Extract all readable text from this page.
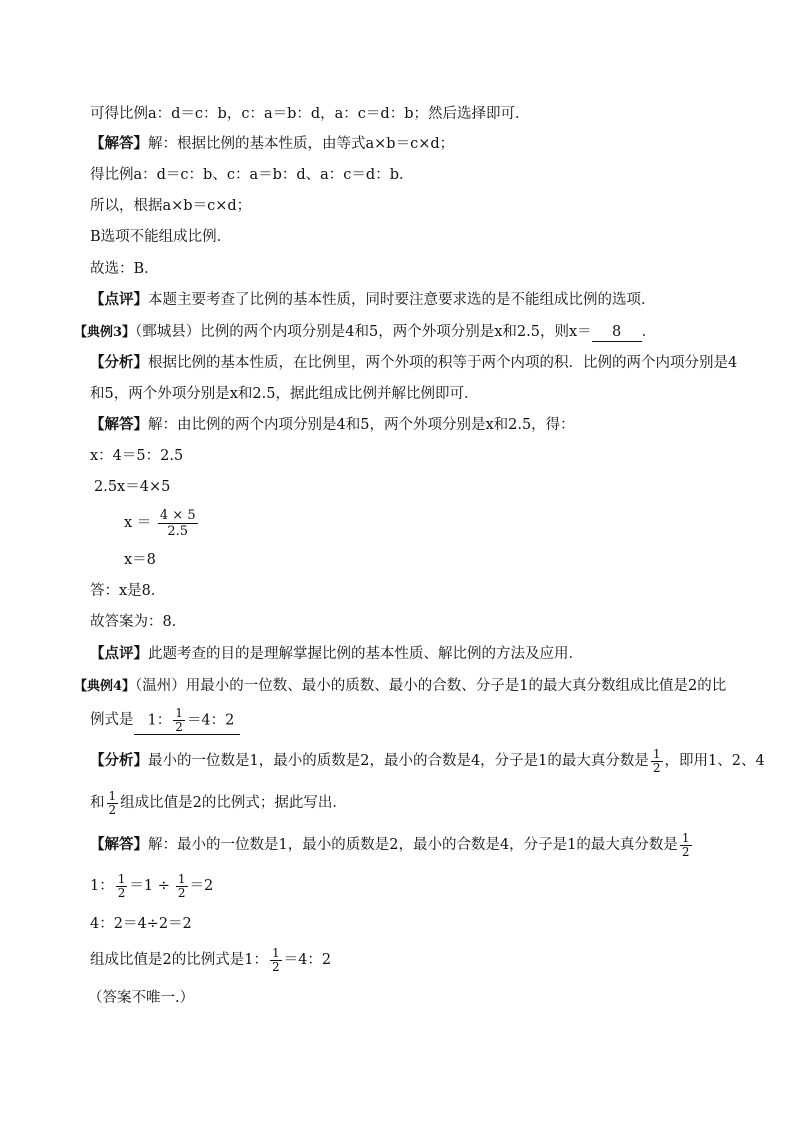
可得比例a：d＝c：b，c：a＝b：d，a：c＝d：b；然后选择即可．
【解答】解：根据比例的基本性质，由等式a×b＝c×d；
得比例a：d＝c：b、c：a＝b：d、a：c＝d：b．
所以，根据a×b＝c×d；
B选项不能组成比例．
故选：B．
【点评】本题主要考查了比例的基本性质，同时要注意要求选的是不能组成比例的选项．
【典例3】（鄄城县）比例的两个内项分别是4和5，两个外项分别是x和2.5，则x＝ 8 ．
【分析】根据比例的基本性质，在比例里，两个外项的积等于两个内项的积．比例的两个内项分别是4
和5，两个外项分别是x和2.5，据此组成比例并解比例即可．
【解答】解：由比例的两个内项分别是4和5，两个外项分别是x和2.5，得：
x：4＝5：2.5
2.5x＝4×5
$x = \frac{4 \times 5}{2.5}$
x＝8
答：x是8．
故答案为：8．
【点评】此题考查的目的是理解掌握比例的基本性质、解比例的方法及应用．
【典例4】（温州）用最小的一位数、最小的质数、最小的合数、分子是1的最大真分数组成比值是2的比
例式是 1： $\frac{1}{2} =4$：2
【分析】最小的一位数是1，最小的质数是2，最小的合数是4，分子是1的最大真分数是 $\frac{1}{2}$ ，即用1、2、4
和 $\frac{1}{2}$ 组成比值是2的比例式；据此写出．
【解答】解：最小的一位数是1，最小的质数是2，最小的合数是4，分子是1的最大真分数是 $\frac{1}{2}$
1： $\frac{1}{2} =1 \div \frac{1}{2} =2$
4：2＝4÷2＝2
组成比值是2的比例式是1： $\frac{1}{2} =4$：2
（答案不唯一.）
